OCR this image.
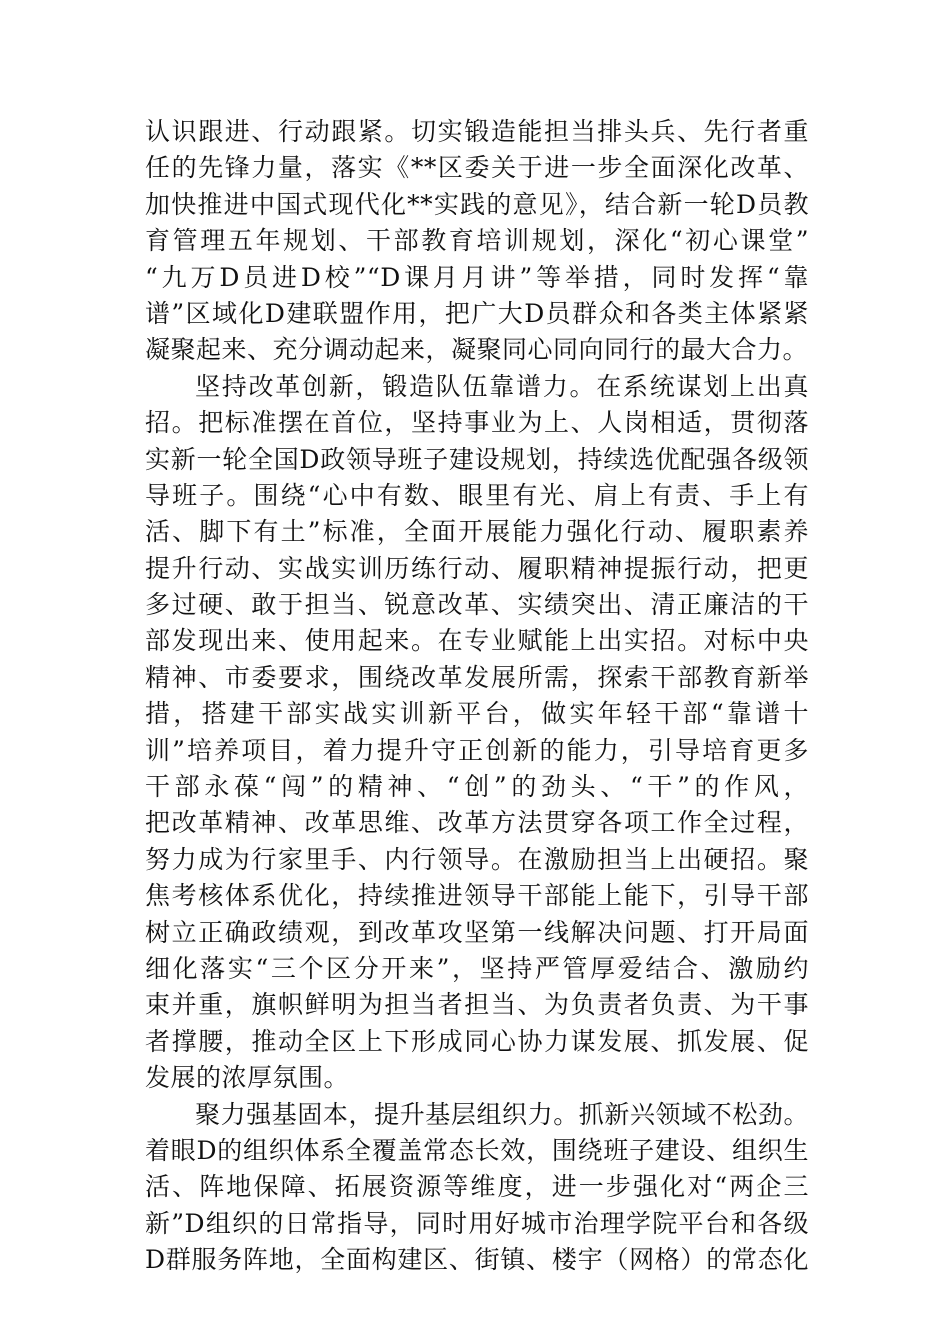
认识跟进、行动跟紧。切实锻造能担当排头兵、先行者重
任的先锋力量，落实《**区委关于进一步全面深化改革、
加快推进中国式现代化**实践的意见》，结合新一轮D员教
育管理五年规划、干部教育培训规划，深化“初心课堂”
“九万D员进D校”“D课月月讲”等举措，同时发挥“靠
谱”区域化D建联盟作用，把广大D员群众和各类主体紧紧
凝聚起来、充分调动起来，凝聚同心同向同行的最大合力。
坚持改革创新，锻造队伍靠谱力。在系统谋划上出真
招。把标准摆在首位，坚持事业为上、人岗相适，贯彻落
实新一轮全国D政领导班子建设规划，持续选优配强各级领
导班子。围绕“心中有数、眼里有光、肩上有责、手上有
活、脚下有土”标准，全面开展能力强化行动、履职素养
提升行动、实战实训历练行动、履职精神提振行动，把更
多过硬、敢于担当、锐意改革、实绩突出、清正廉洁的干
部发现出来、使用起来。在专业赋能上出实招。对标中央
精神、市委要求，围绕改革发展所需，探索干部教育新举
措，搭建干部实战实训新平台，做实年轻干部“靠谱十
训”培养项目，着力提升守正创新的能力，引导培育更多
干部永葆“闯”的精神、“创”的劲头、“干”的作风，
把改革精神、改革思维、改革方法贯穿各项工作全过程，
努力成为行家里手、内行领导。在激励担当上出硬招。聚
焦考核体系优化，持续推进领导干部能上能下，引导干部
树立正确政绩观，到改革攻坚第一线解决问题、打开局面
细化落实“三个区分开来”，坚持严管厚爱结合、激励约
束并重，旗帜鲜明为担当者担当、为负责者负责、为干事
者撑腰，推动全区上下形成同心协力谋发展、抓发展、促
发展的浓厚氛围。
聚力强基固本，提升基层组织力。抓新兴领域不松劲。
着眼D的组织体系全覆盖常态长效，围绕班子建设、组织生
活、阵地保障、拓展资源等维度，进一步强化对“两企三
新”D组织的日常指导，同时用好城市治理学院平台和各级
D群服务阵地，全面构建区、街镇、楼宇（网格）的常态化
